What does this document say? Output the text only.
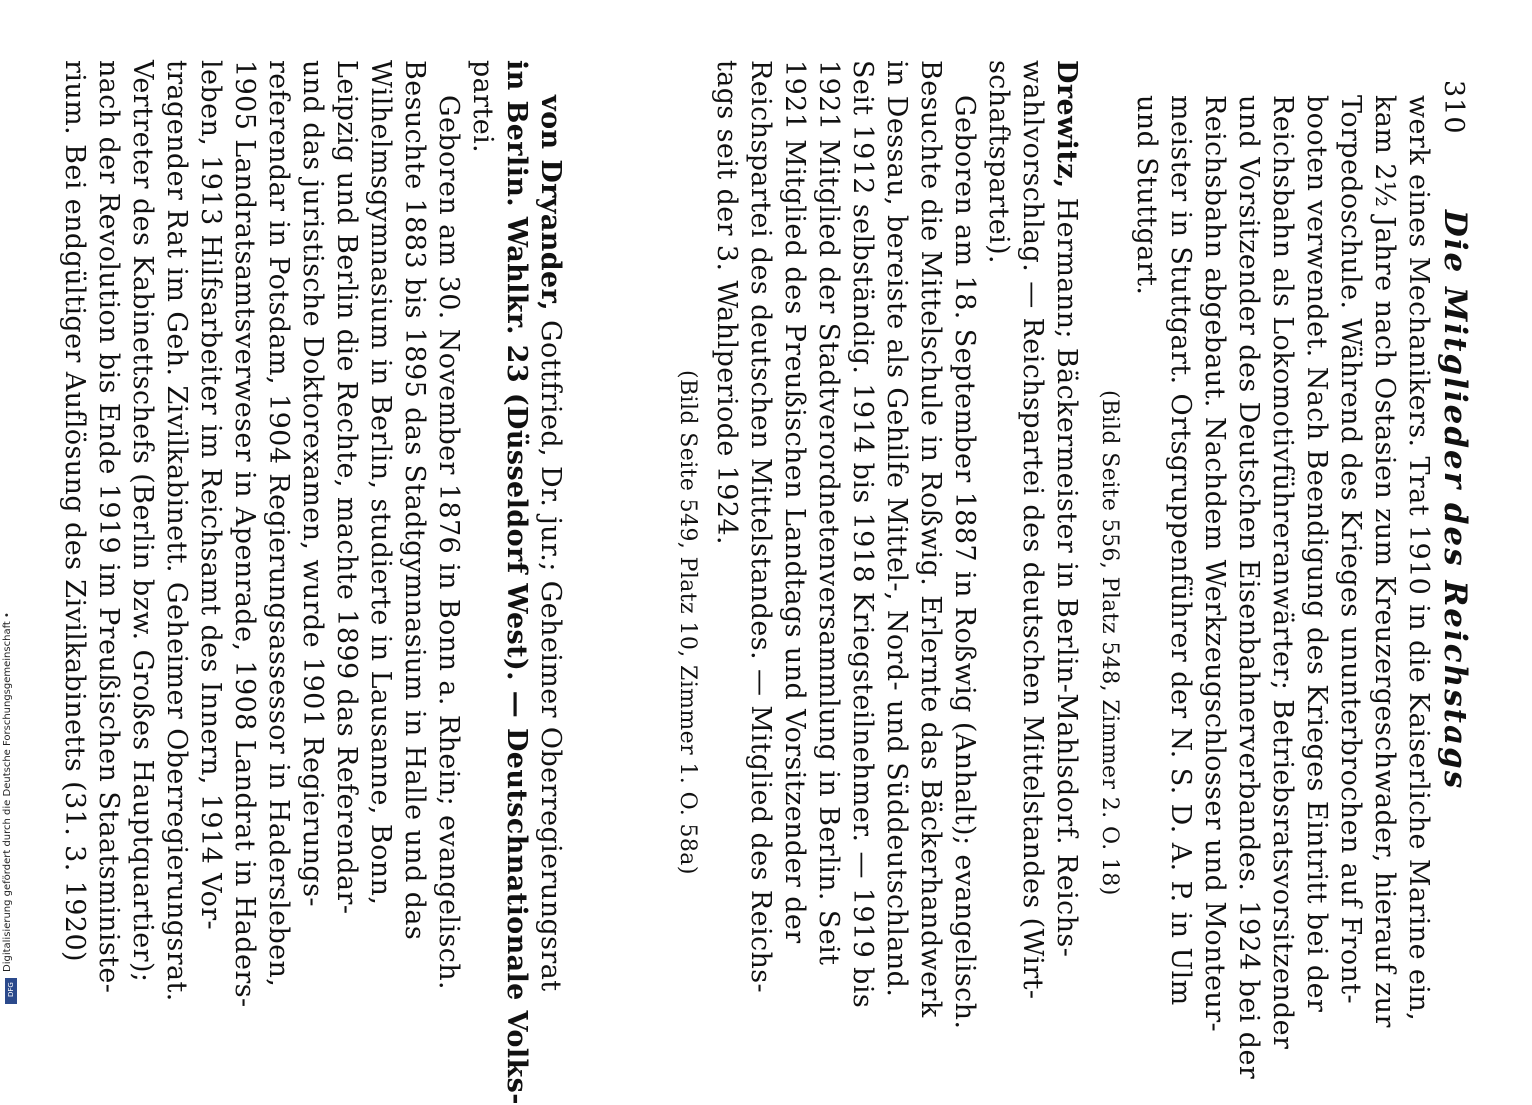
310
Die Mitglieder des Reichstags
werk eines Mechanikers. Trat 1910 in die Kaiserliche Marine ein,
kam 2½ Jahre nach Ostasien zum Kreuzergeschwader, hierauf zur
Torpedoschule. Während des Krieges ununterbrochen auf Front-
booten verwendet. Nach Beendigung des Krieges Eintritt bei der
Reichsbahn als Lokomotivführeranwärter; Betriebsratsvorsitzender
und Vorsitzender des Deutschen Eisenbahnerverbandes. 1924 bei der
Reichsbahn abgebaut. Nachdem Werkzeugschlosser und Monteur-
meister in Stuttgart. Ortsgruppenführer der N. S. D. A. P. in Ulm
und Stuttgart.
(Bild Seite 556, Platz 548, Zimmer 2. O. 18)
Drewitz, Hermann; Bäckermeister in Berlin-Mahlsdorf. Reichs-
wahlvorschlag. — Reichspartei des deutschen Mittelstandes (Wirt-
schaftspartei).
Geboren am 18. September 1887 in Roßwig (Anhalt); evangelisch.
Besuchte die Mittelschule in Roßwig. Erlernte das Bäckerhandwerk
in Dessau, bereiste als Gehilfe Mittel-, Nord- und Süddeutschland.
Seit 1912 selbständig. 1914 bis 1918 Kriegsteilnehmer. — 1919 bis
1921 Mitglied der Stadtverordnetenversammlung in Berlin. Seit
1921 Mitglied des Preußischen Landtags und Vorsitzender der
Reichspartei des deutschen Mittelstandes. — Mitglied des Reichs-
tags seit der 3. Wahlperiode 1924.
(Bild Seite 549, Platz 10, Zimmer 1. O. 58a)
von Dryander, Gottfried, Dr. jur.; Geheimer Oberregierungsrat
in Berlin. Wahlkr. 23 (Düsseldorf West). — Deutschnationale Volks-
partei.
Geboren am 30. November 1876 in Bonn a. Rhein; evangelisch.
Besuchte 1883 bis 1895 das Stadtgymnasium in Halle und das
Wilhelmsgymnasium in Berlin, studierte in Lausanne, Bonn,
Leipzig und Berlin die Rechte, machte 1899 das Referendar-
und das juristische Doktorexamen, wurde 1901 Regierungs-
referendar in Potsdam, 1904 Regierungsassessor in Hadersleben,
1905 Landratsamtsverweser in Apenrade, 1908 Landrat in Haders-
leben, 1913 Hilfsarbeiter im Reichsamt des Innern, 1914 Vor-
tragender Rat im Geh. Zivilkabinett. Geheimer Oberregierungsrat.
Vertreter des Kabinettschefs (Berlin bzw. Großes Hauptquartier);
nach der Revolution bis Ende 1919 im Preußischen Staatsministe-
rium. Bei endgültiger Auflösung des Zivilkabinetts (31. 3. 1920)
Digitalisierung gefördert durch die Deutsche Forschungsgemeinschaft •
DFG
